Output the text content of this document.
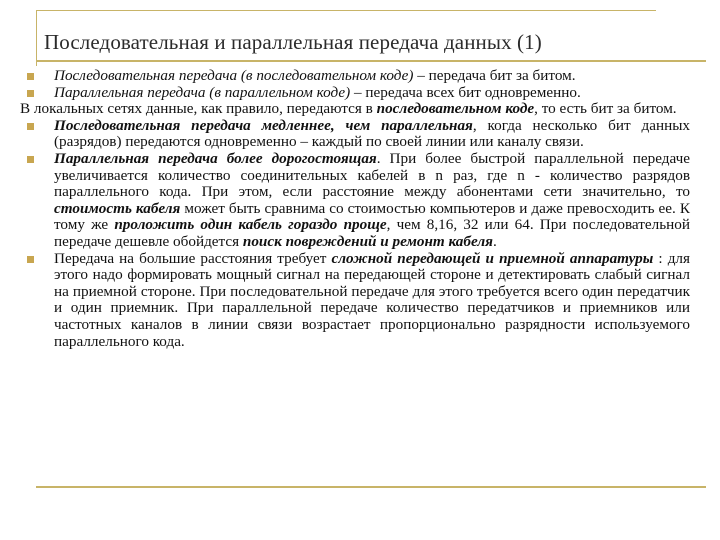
Последовательная и параллельная передача данных (1)
Последовательная передача (в последовательном коде) – передача бит за битом.
Параллельная передача (в параллельном коде) – передача всех бит одновременно.
В локальных сетях данные, как правило, передаются в последовательном коде, то есть бит за битом.
Последовательная передача медленнее, чем параллельная, когда несколько бит данных (разрядов) передаются одновременно – каждый по своей линии или каналу связи.
Параллельная передача более дорогостоящая. При более быстрой параллельной передаче увеличивается количество соединительных кабелей в n раз, где n - количество разрядов параллельного кода. При этом, если расстояние между абонентами сети значительно, то стоимость кабеля может быть сравнима со стоимостью компьютеров и даже превосходить ее. К тому же проложить один кабель гораздо проще, чем 8,16, 32 или 64. При последовательной передаче дешевле обойдется поиск повреждений и ремонт кабеля.
Передача на большие расстояния требует сложной передающей и приемной аппаратуры : для этого надо формировать мощный сигнал на передающей стороне и детектировать слабый сигнал на приемной стороне. При последовательной передаче для этого требуется всего один передатчик и один приемник. При параллельной передаче количество передатчиков и приемников или частотных каналов в линии связи возрастает пропорционально разрядности используемого параллельного кода.
